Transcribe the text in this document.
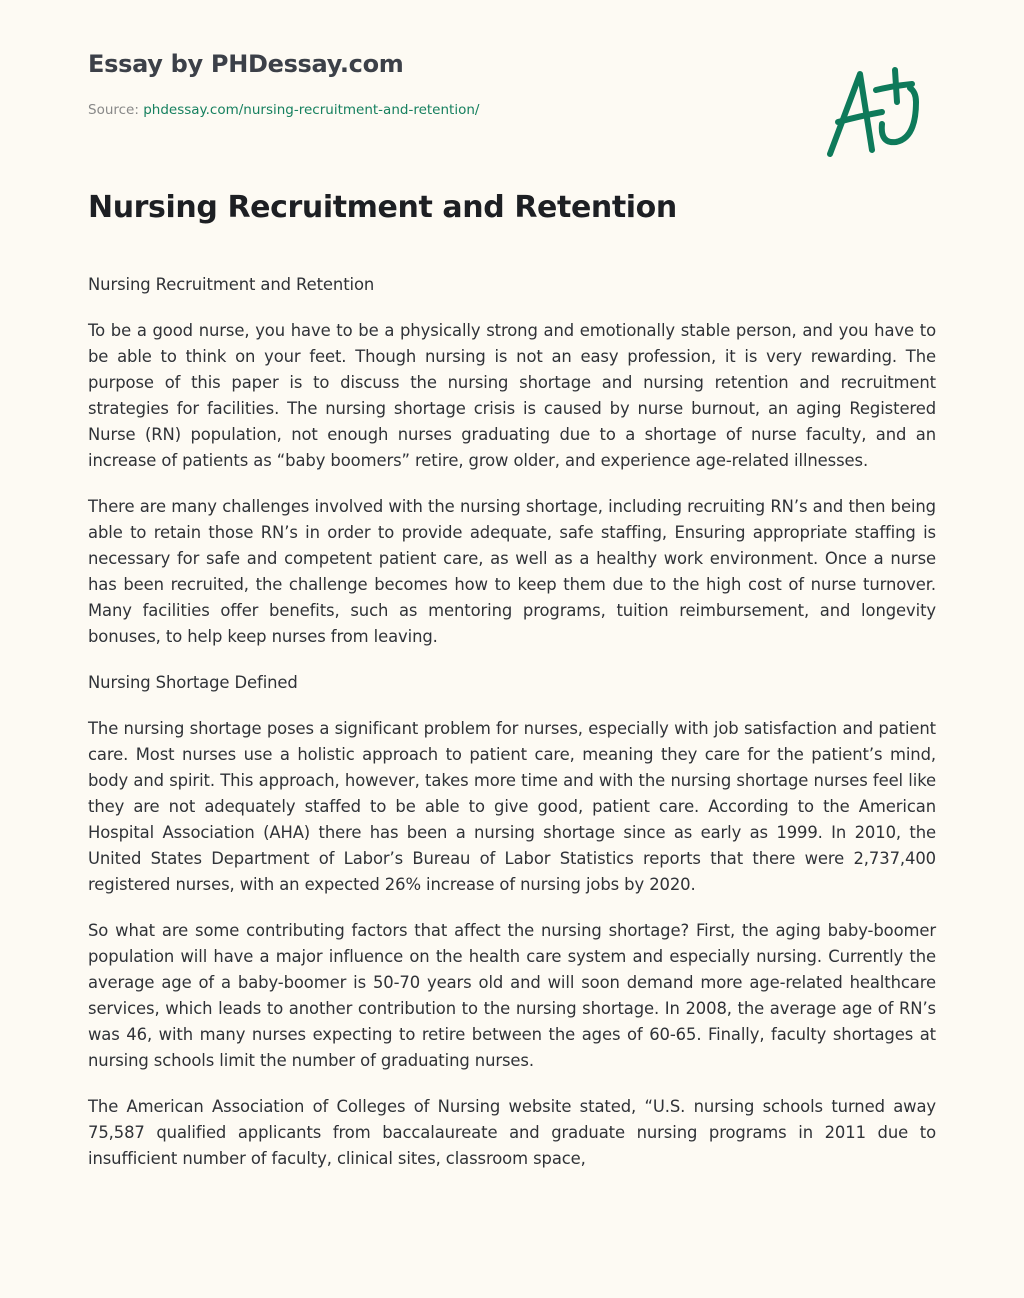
Essay by PHDessay.com
Source: phdessay.com/nursing-recruitment-and-retention/
Nursing Recruitment and Retention

Nursing Recruitment and Retention

To be a good nurse, you have to be a physically strong and emotionally stable person, and you have to be able to think on your feet. Though nursing is not an easy profession, it is very rewarding. The purpose of this paper is to discuss the nursing shortage and nursing retention and recruitment strategies for facilities. The nursing shortage crisis is caused by nurse burnout, an aging Registered Nurse (RN) population, not enough nurses graduating due to a shortage of nurse faculty, and an increase of patients as “baby boomers” retire, grow older, and experience age-related illnesses.

There are many challenges involved with the nursing shortage, including recruiting RN’s and then being able to retain those RN’s in order to provide adequate, safe staffing, Ensuring appropriate staffing is necessary for safe and competent patient care, as well as a healthy work environment. Once a nurse has been recruited, the challenge becomes how to keep them due to the high cost of nurse turnover. Many facilities offer benefits, such as mentoring programs, tuition reimbursement, and longevity bonuses, to help keep nurses from leaving.

Nursing Shortage Defined

The nursing shortage poses a significant problem for nurses, especially with job satisfaction and patient care. Most nurses use a holistic approach to patient care, meaning they care for the patient’s mind, body and spirit. This approach, however, takes more time and with the nursing shortage nurses feel like they are not adequately staffed to be able to give good, patient care. According to the American Hospital Association (AHA) there has been a nursing shortage since as early as 1999. In 2010, the United States Department of Labor’s Bureau of Labor Statistics reports that there were 2,737,400 registered nurses, with an expected 26% increase of nursing jobs by 2020.

So what are some contributing factors that affect the nursing shortage? First, the aging baby-boomer population will have a major influence on the health care system and especially nursing. Currently the average age of a baby-boomer is 50-70 years old and will soon demand more age-related healthcare services, which leads to another contribution to the nursing shortage. In 2008, the average age of RN’s was 46, with many nurses expecting to retire between the ages of 60-65. Finally, faculty shortages at nursing schools limit the number of graduating nurses.

The American Association of Colleges of Nursing website stated, “U.S. nursing schools turned away 75,587 qualified applicants from baccalaureate and graduate nursing programs in 2011 due to insufficient number of faculty, clinical sites, classroom space,
